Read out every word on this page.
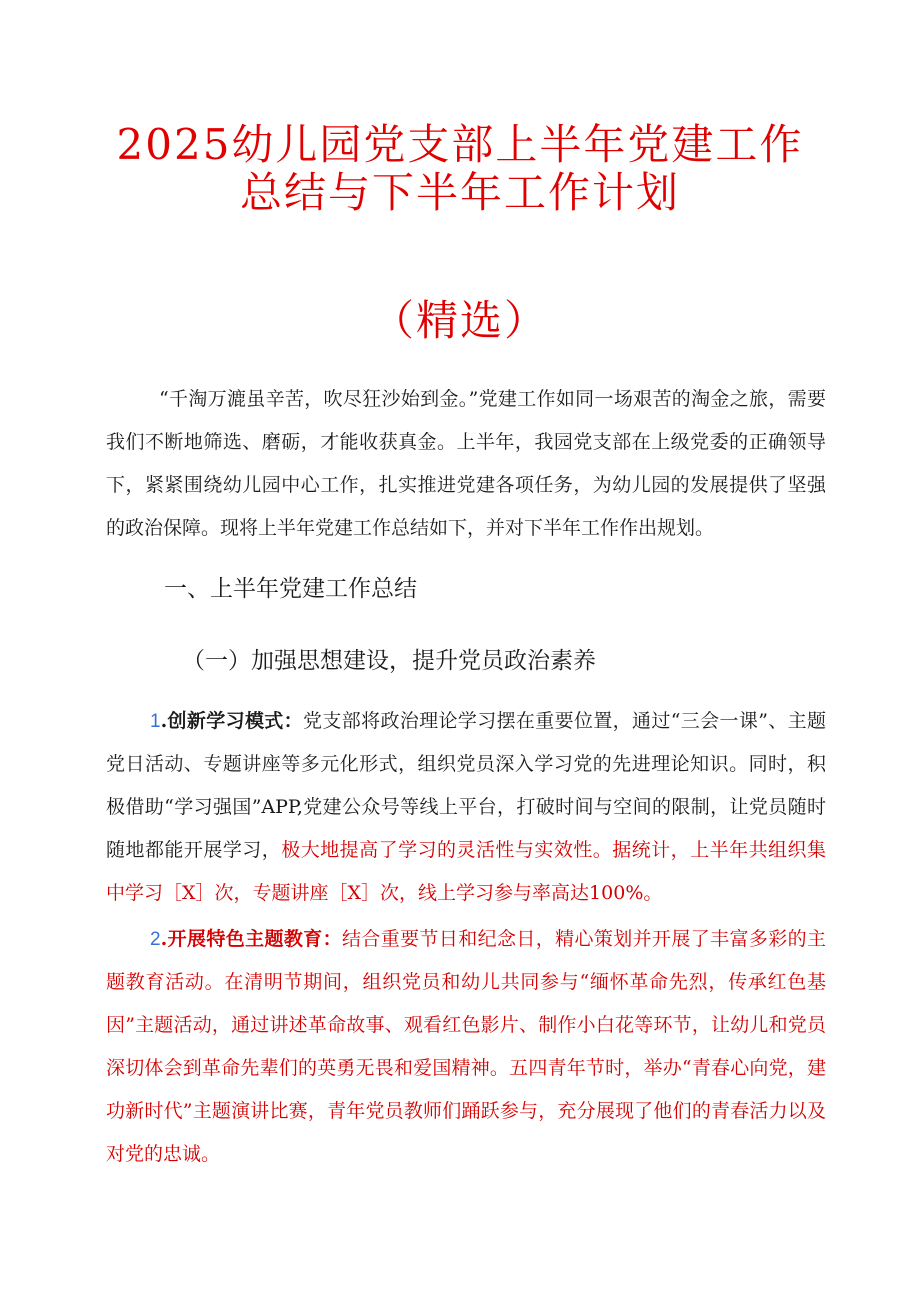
2025幼儿园党支部上半年党建工作
总结与下半年工作计划
（精选）
“千淘万漉虽辛苦，吹尽狂沙始到金。”党建工作如同一场艰苦的淘金之旅，需要我们不断地筛选、磨砺，才能收获真金。上半年，我园党支部在上级党委的正确领导下，紧紧围绕幼儿园中心工作，扎实推进党建各项任务，为幼儿园的发展提供了坚强的政治保障。现将上半年党建工作总结如下，并对下半年工作作出规划。
一、上半年党建工作总结
（一）加强思想建设，提升党员政治素养
1.创新学习模式：党支部将政治理论学习摆在重要位置，通过“三会一课”、主题党日活动、专题讲座等多元化形式，组织党员深入学习党的先进理论知识。同时，积极借助“学习强国”APP,党建公众号等线上平台，打破时间与空间的限制，让党员随时随地都能开展学习，极大地提高了学习的灵活性与实效性。据统计，上半年共组织集中学习［X］次，专题讲座［X］次，线上学习参与率高达100%。
2.开展特色主题教育：结合重要节日和纪念日，精心策划并开展了丰富多彩的主题教育活动。在清明节期间，组织党员和幼儿共同参与“缅怀革命先烈，传承红色基因”主题活动，通过讲述革命故事、观看红色影片、制作小白花等环节，让幼儿和党员深切体会到革命先辈们的英勇无畏和爱国精神。五四青年节时，举办“青春心向党，建功新时代”主题演讲比赛，青年党员教师们踊跃参与，充分展现了他们的青春活力以及对党的忠诚。
